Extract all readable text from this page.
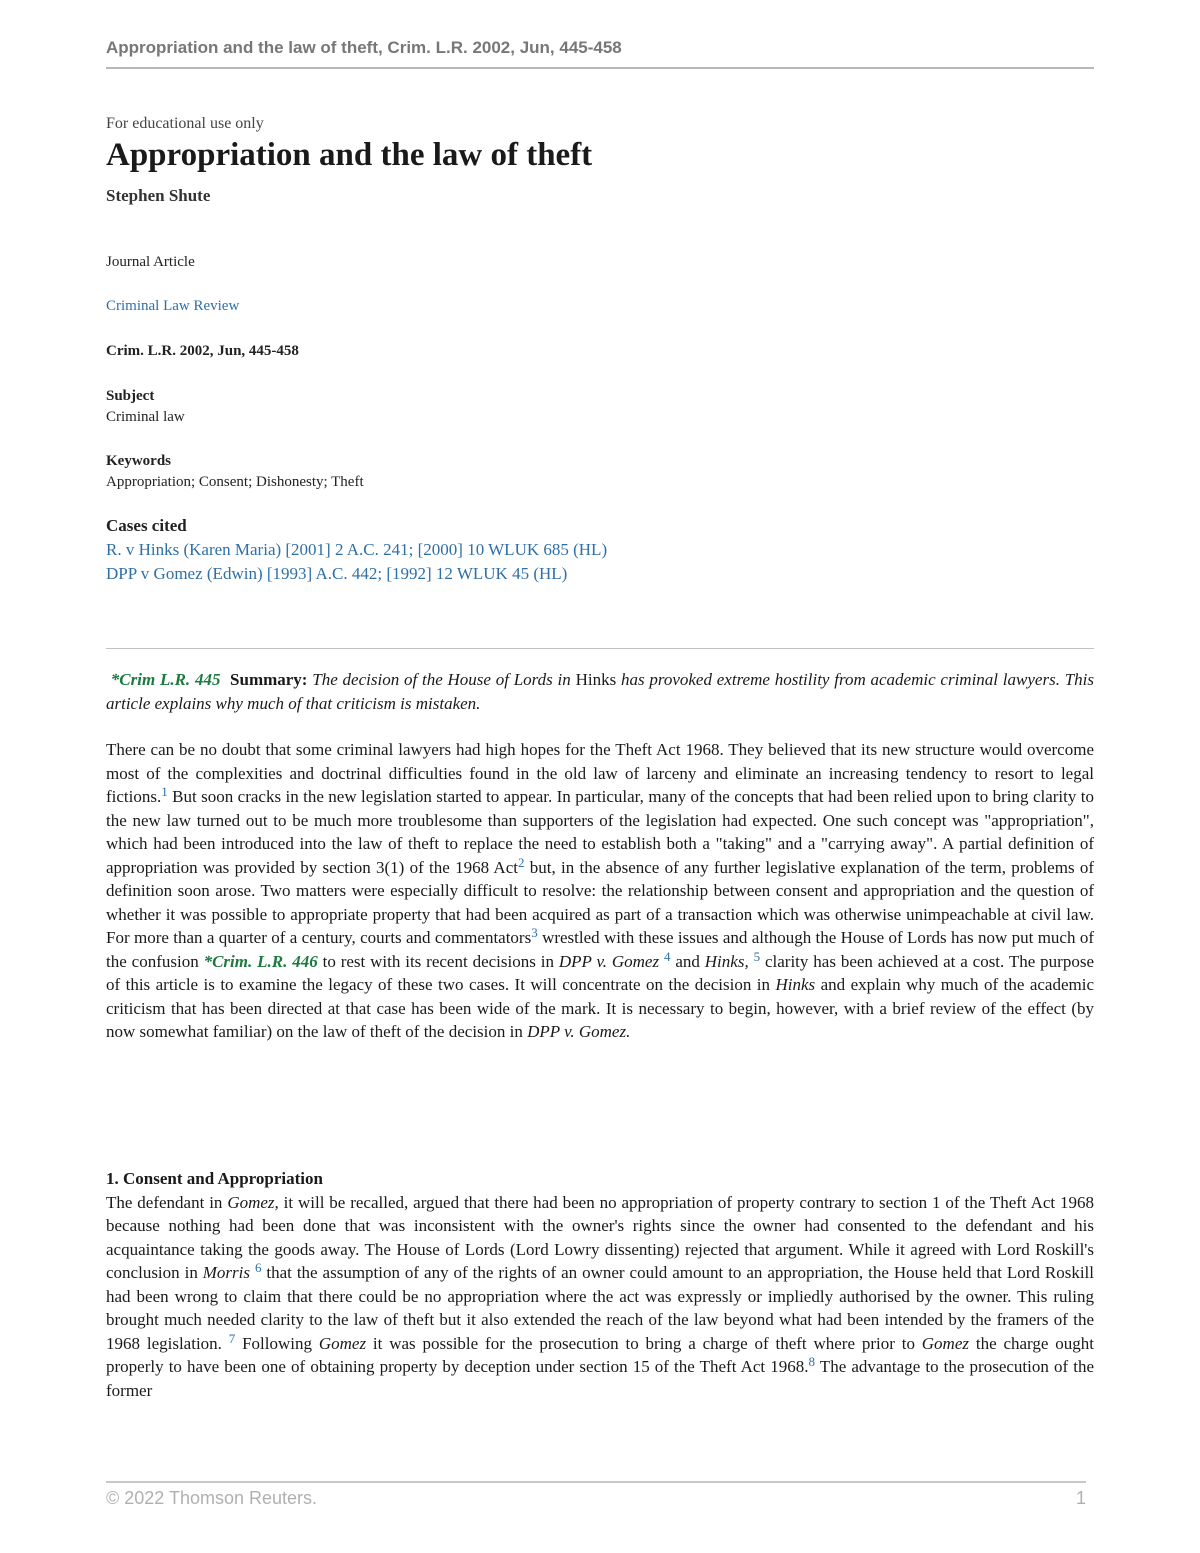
Appropriation and the law of theft, Crim. L.R. 2002, Jun, 445-458

For educational use only

Appropriation and the law of theft

Stephen Shute

Journal Article
Criminal Law Review
Crim. L.R. 2002, Jun, 445-458
Subject
Criminal law
Keywords
Appropriation; Consent; Dishonesty; Theft
Cases cited
R. v Hinks (Karen Maria) [2001] 2 A.C. 241; [2000] 10 WLUK 685 (HL)
DPP v Gomez (Edwin) [1993] A.C. 442; [1992] 12 WLUK 45 (HL)
*Crim L.R. 445 Summary: The decision of the House of Lords in Hinks has provoked extreme hostility from academic criminal lawyers. This article explains why much of that criticism is mistaken.
There can be no doubt that some criminal lawyers had high hopes for the Theft Act 1968. They believed that its new structure would overcome most of the complexities and doctrinal difficulties found in the old law of larceny and eliminate an increasing tendency to resort to legal fictions.$^1$ But soon cracks in the new legislation started to appear. In particular, many of the concepts that had been relied upon to bring clarity to the new law turned out to be much more troublesome than supporters of the legislation had expected. One such concept was "appropriation", which had been introduced into the law of theft to replace the need to establish both a "taking" and a "carrying away". A partial definition of appropriation was provided by section 3(1) of the 1968 Act$^2$ but, in the absence of any further legislative explanation of the term, problems of definition soon arose. Two matters were especially difficult to resolve: the relationship between consent and appropriation and the question of whether it was possible to appropriate property that had been acquired as part of a transaction which was otherwise unimpeachable at civil law. For more than a quarter of a century, courts and commentators$^3$ wrestled with these issues and although the House of Lords has now put much of the confusion *Crim. L.R. 446 to rest with its recent decisions in DPP v. Gomez $^4$ and Hinks, $^5$ clarity has been achieved at a cost. The purpose of this article is to examine the legacy of these two cases. It will concentrate on the decision in Hinks and explain why much of the academic criticism that has been directed at that case has been wide of the mark. It is necessary to begin, however, with a brief review of the effect (by now somewhat familiar) on the law of theft of the decision in DPP v. Gomez.
1. Consent and Appropriation
The defendant in Gomez, it will be recalled, argued that there had been no appropriation of property contrary to section 1 of the Theft Act 1968 because nothing had been done that was inconsistent with the owner's rights since the owner had consented to the defendant and his acquaintance taking the goods away. The House of Lords (Lord Lowry dissenting) rejected that argument. While it agreed with Lord Roskill's conclusion in Morris $^6$ that the assumption of any of the rights of an owner could amount to an appropriation, the House held that Lord Roskill had been wrong to claim that there could be no appropriation where the act was expressly or impliedly authorised by the owner. This ruling brought much needed clarity to the law of theft but it also extended the reach of the law beyond what had been intended by the framers of the 1968 legislation. $^7$ Following Gomez it was possible for the prosecution to bring a charge of theft where prior to Gomez the charge ought properly to have been one of obtaining property by deception under section 15 of the Theft Act 1968.$^8$ The advantage to the prosecution of the former
© 2022 Thomson Reuters.	1
